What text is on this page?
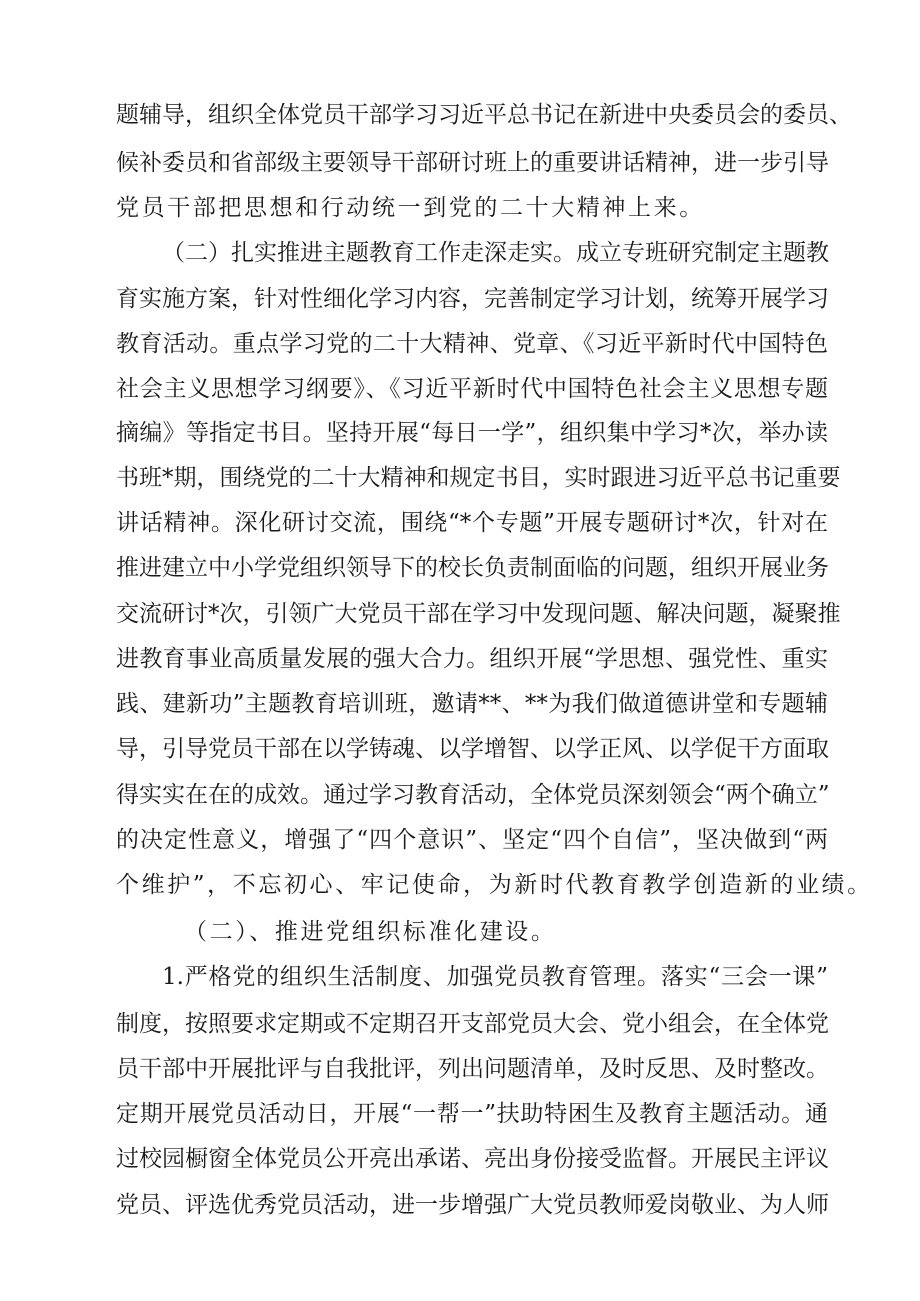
题辅导，组织全体党员干部学习习近平总书记在新进中央委员会的委员、
候补委员和省部级主要领导干部研讨班上的重要讲话精神，进一步引导
党员干部把思想和行动统一到党的二十大精神上来。
（二）扎实推进主题教育工作走深走实。成立专班研究制定主题教
育实施方案，针对性细化学习内容，完善制定学习计划，统筹开展学习
教育活动。重点学习党的二十大精神、党章、《习近平新时代中国特色
社会主义思想学习纲要》、《习近平新时代中国特色社会主义思想专题
摘编》等指定书目。坚持开展“每日一学”，组织集中学习*次，举办读
书班*期，围绕党的二十大精神和规定书目，实时跟进习近平总书记重要
讲话精神。深化研讨交流，围绕“*个专题”开展专题研讨*次，针对在
推进建立中小学党组织领导下的校长负责制面临的问题，组织开展业务
交流研讨*次，引领广大党员干部在学习中发现问题、解决问题，凝聚推
进教育事业高质量发展的强大合力。组织开展“学思想、强党性、重实
践、建新功”主题教育培训班，邀请**、**为我们做道德讲堂和专题辅
导，引导党员干部在以学铸魂、以学增智、以学正风、以学促干方面取
得实实在在的成效。通过学习教育活动，全体党员深刻领会“两个确立”
的决定性意义，增强了“四个意识”、坚定“四个自信”，坚决做到“两
个维护”，不忘初心、牢记使命，为新时代教育教学创造新的业绩。
（二）、推进党组织标准化建设。
1.严格党的组织生活制度、加强党员教育管理。落实“三会一课”
制度，按照要求定期或不定期召开支部党员大会、党小组会，在全体党
员干部中开展批评与自我批评，列出问题清单，及时反思、及时整改。
定期开展党员活动日，开展“一帮一”扶助特困生及教育主题活动。通
过校园橱窗全体党员公开亮出承诺、亮出身份接受监督。开展民主评议
党员、评选优秀党员活动，进一步增强广大党员教师爱岗敬业、为人师
